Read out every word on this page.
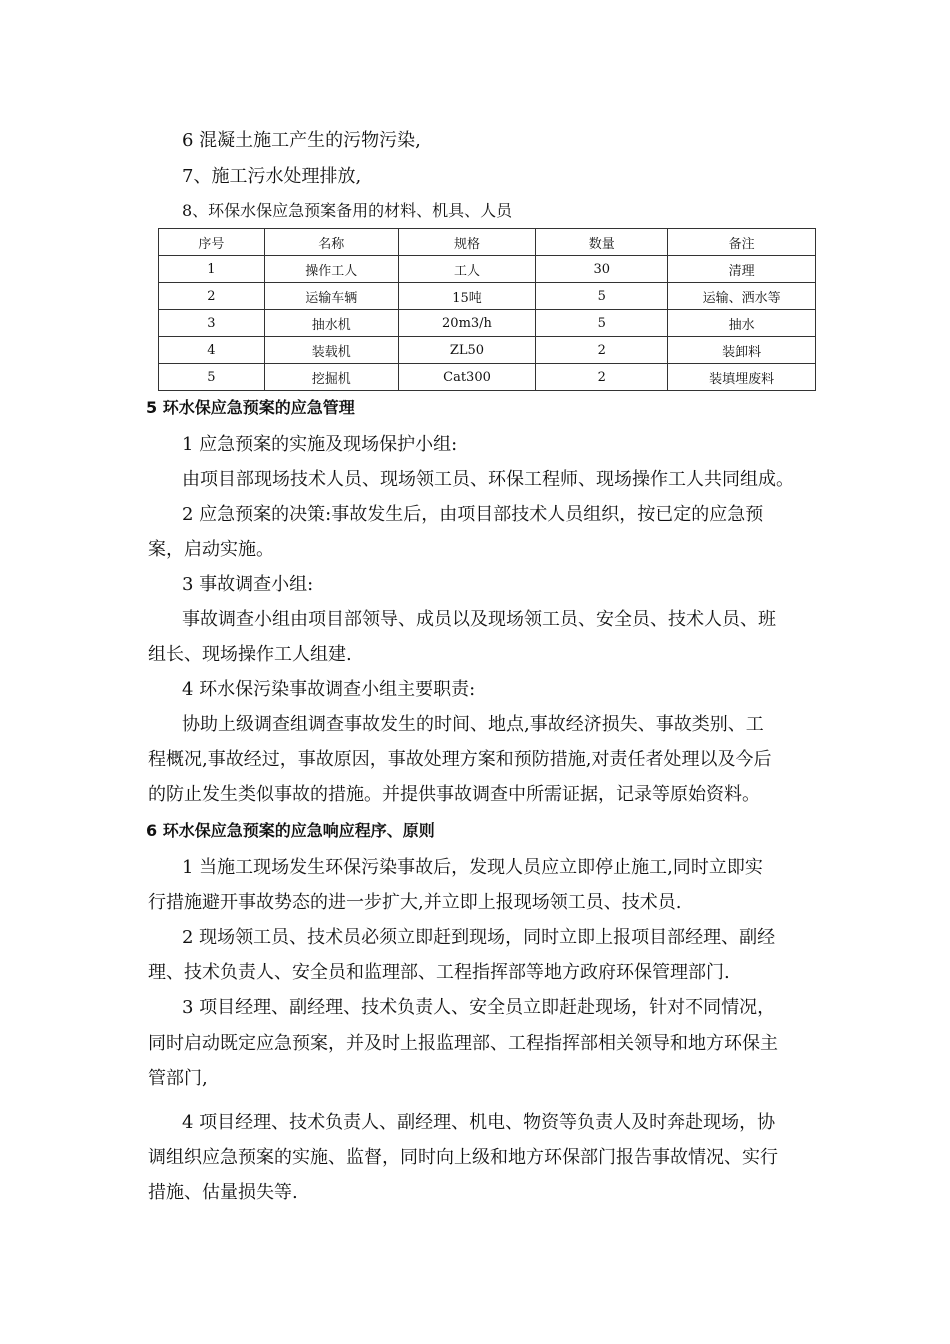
6 混凝土施工产生的污物污染,
7、施工污水处理排放,
8、环保水保应急预案备用的材料、机具、人员
序号	名称	规格	数量	备注
1	操作工人	工人	30	清理
2	运输车辆	15吨	5	运输、洒水等
3	抽水机	20m3/h	5	抽水
4	装载机	ZL50	2	装卸料
5	挖掘机	Cat300	2	装填埋废料
5 环水保应急预案的应急管理
1 应急预案的实施及现场保护小组:
由项目部现场技术人员、现场领工员、环保工程师、现场操作工人共同组成。
2 应急预案的决策:事故发生后，由项目部技术人员组织，按已定的应急预
案，启动实施。
3 事故调查小组:
事故调查小组由项目部领导、成员以及现场领工员、安全员、技术人员、班
组长、现场操作工人组建.
4 环水保污染事故调查小组主要职责:
协助上级调查组调查事故发生的时间、地点,事故经济损失、事故类别、工
程概况,事故经过，事故原因，事故处理方案和预防措施,对责任者处理以及今后
的防止发生类似事故的措施。并提供事故调查中所需证据，记录等原始资料。
6 环水保应急预案的应急响应程序、原则
1 当施工现场发生环保污染事故后，发现人员应立即停止施工,同时立即实
行措施避开事故势态的进一步扩大,并立即上报现场领工员、技术员.
2 现场领工员、技术员必须立即赶到现场，同时立即上报项目部经理、副经
理、技术负责人、安全员和监理部、工程指挥部等地方政府环保管理部门.
3 项目经理、副经理、技术负责人、安全员立即赶赴现场，针对不同情况，
同时启动既定应急预案，并及时上报监理部、工程指挥部相关领导和地方环保主
管部门,
4 项目经理、技术负责人、副经理、机电、物资等负责人及时奔赴现场，协
调组织应急预案的实施、监督，同时向上级和地方环保部门报告事故情况、实行
措施、估量损失等.
